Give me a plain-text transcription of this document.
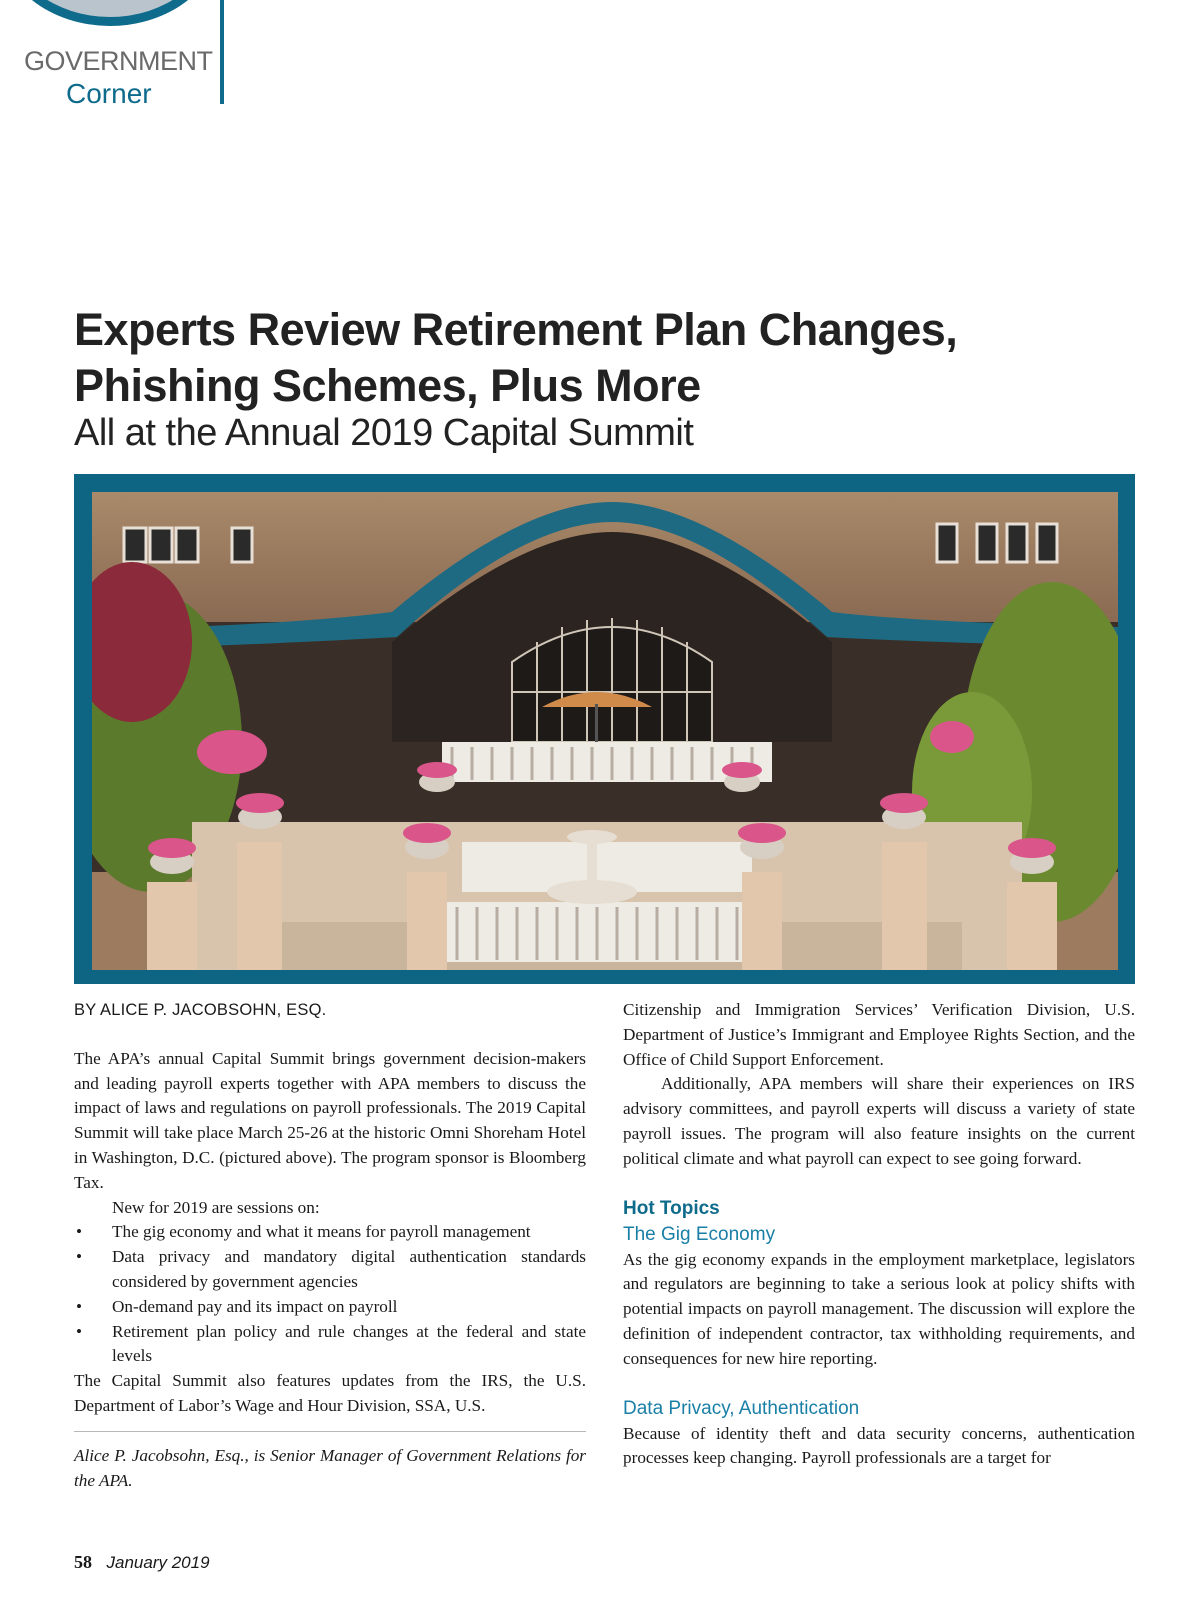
GOVERNMENT
Corner
Experts Review Retirement Plan Changes, Phishing Schemes, Plus More
All at the Annual 2019 Capital Summit
BY ALICE P. JACOBSOHN, ESQ.

The APA’s annual Capital Summit brings government decision-makers and leading payroll experts together with APA members to discuss the impact of laws and regulations on payroll professionals. The 2019 Capital Summit will take place March 25-26 at the historic Omni Shoreham Hotel in Washington, D.C. (pictured above). The program sponsor is Bloomberg Tax.

New for 2019 are sessions on:

• The gig economy and what it means for payroll management
• Data privacy and mandatory digital authentication standards considered by government agencies
• On-demand pay and its impact on payroll
• Retirement plan policy and rule changes at the federal and state levels

The Capital Summit also features updates from the IRS, the U.S. Department of Labor’s Wage and Hour Division, SSA, U.S.

Alice P. Jacobsohn, Esq., is Senior Manager of Government Relations for the APA.

Citizenship and Immigration Services’ Verification Division, U.S. Department of Justice’s Immigrant and Employee Rights Section, and the Office of Child Support Enforcement.

Additionally, APA members will share their experiences on IRS advisory committees, and payroll experts will discuss a variety of state payroll issues. The program will also feature insights on the current political climate and what payroll can expect to see going forward.

Hot Topics
The Gig Economy

As the gig economy expands in the employment marketplace, legislators and regulators are beginning to take a serious look at policy shifts with potential impacts on payroll management. The discussion will explore the definition of independent contractor, tax withholding requirements, and consequences for new hire reporting.

Data Privacy, Authentication

Because of identity theft and data security concerns, authentication processes keep changing. Payroll professionals are a target for

58 January 2019
